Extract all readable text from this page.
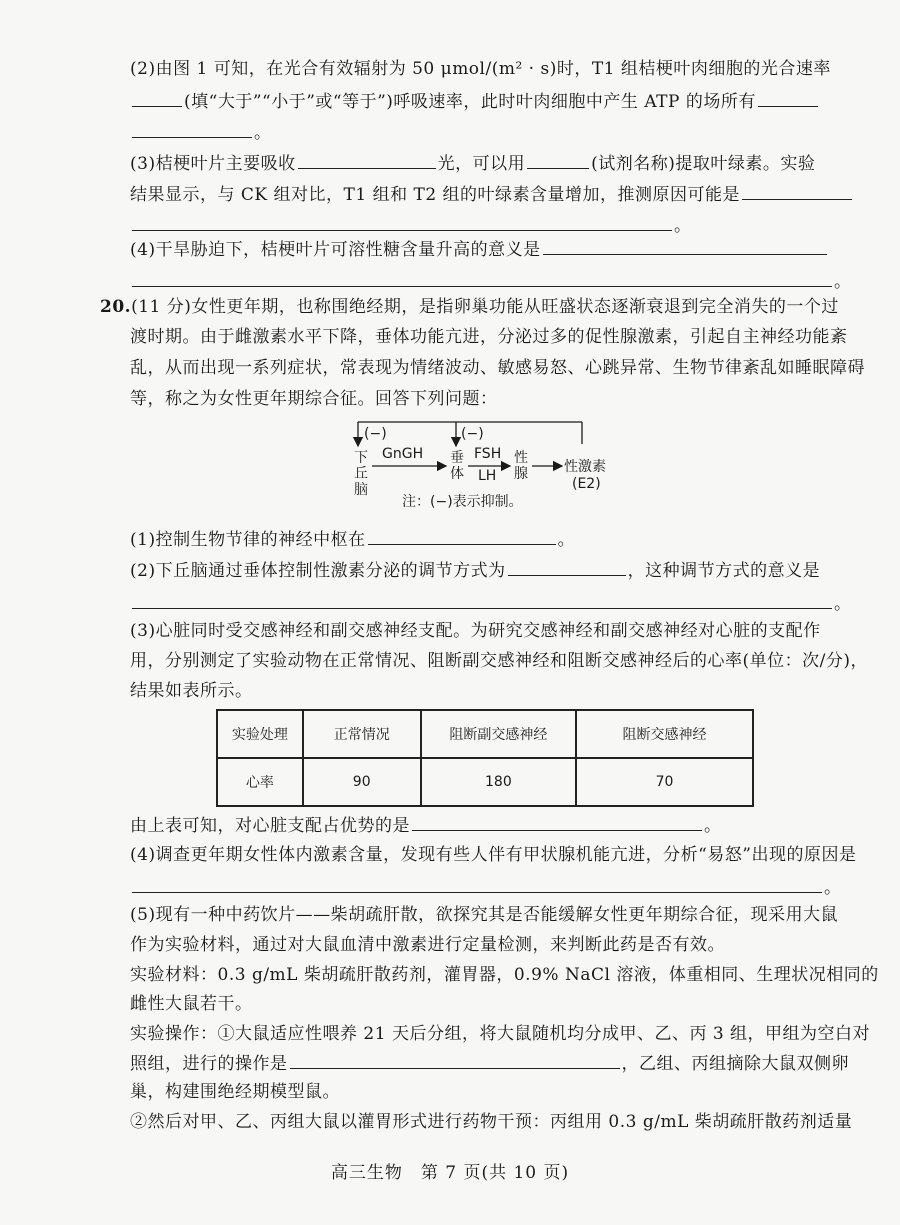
(2)由图 1 可知，在光合有效辐射为 50 μmol/(m² · s)时，T1 组桔梗叶肉细胞的光合速率
(填“大于”“小于”或“等于”)呼吸速率，此时叶肉细胞中产生 ATP 的场所有
。
(3)桔梗叶片主要吸收	光，可以用	(试剂名称)提取叶绿素。实验
结果显示，与 CK 组对比，T1 组和 T2 组的叶绿素含量增加，推测原因可能是
。
(4)干旱胁迫下，桔梗叶片可溶性糖含量升高的意义是
。
20.(11 分)女性更年期，也称围绝经期，是指卵巢功能从旺盛状态逐渐衰退到完全消失的一个过
渡时期。由于雌激素水平下降，垂体功能亢进，分泌过多的促性腺激素，引起自主神经功能紊
乱，从而出现一系列症状，常表现为情绪波动、敏感易怒、心跳异常、生物节律紊乱如睡眠障碍
等，称之为女性更年期综合征。回答下列问题：
(−)	(−)
下
丘
脑
GnGH 垂
体
FSH
LH
性
腺	性激素
(E2)
注：(−)表示抑制。
(1)控制生物节律的神经中枢在	。
(2)下丘脑通过垂体控制性激素分泌的调节方式为	，这种调节方式的意义是
。
(3)心脏同时受交感神经和副交感神经支配。为研究交感神经和副交感神经对心脏的支配作
用，分别测定了实验动物在正常情况、阻断副交感神经和阻断交感神经后的心率(单位：次/分)，
结果如表所示。
实验处理	正常情况	阻断副交感神经	阻断交感神经
心率	90	180	70
由上表可知，对心脏支配占优势的是	。
(4)调查更年期女性体内激素含量，发现有些人伴有甲状腺机能亢进，分析“易怒”出现的原因是
。
(5)现有一种中药饮片——柴胡疏肝散，欲探究其是否能缓解女性更年期综合征，现采用大鼠
作为实验材料，通过对大鼠血清中激素进行定量检测，来判断此药是否有效。
实验材料：0.3 g/mL 柴胡疏肝散药剂，灌胃器，0.9% NaCl 溶液，体重相同、生理状况相同的
雌性大鼠若干。
实验操作：①大鼠适应性喂养 21 天后分组，将大鼠随机均分成甲、乙、丙 3 组，甲组为空白对
照组，进行的操作是	，乙组、丙组摘除大鼠双侧卵
巢，构建围绝经期模型鼠。
②然后对甲、乙、丙组大鼠以灌胃形式进行药物干预：丙组用 0.3 g/mL 柴胡疏肝散药剂适量
高三生物　第 7 页(共 10 页)
